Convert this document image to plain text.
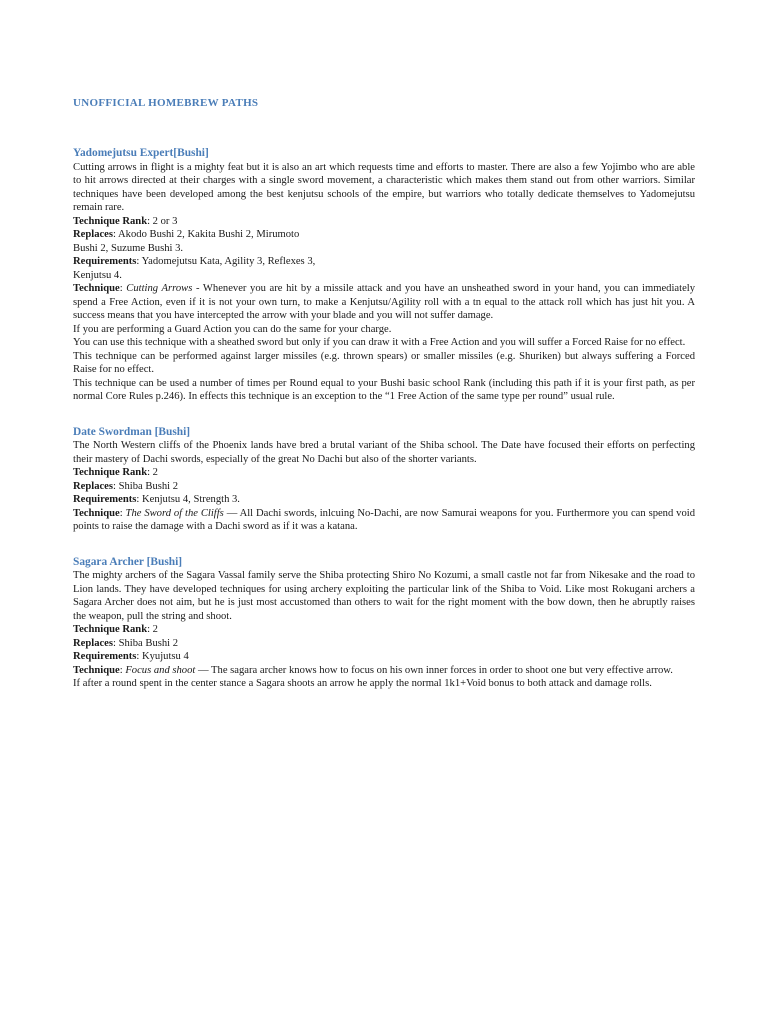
UNOFFICIAL HOMEBREW PATHS
Yadomejutsu Expert[Bushi]

Cutting arrows in flight is a mighty feat but it is also an art which requests time and efforts to master. There are also a few Yojimbo who are able to hit arrows directed at their charges with a single sword movement, a characteristic which makes them stand out from other warriors. Similar techniques have been developed among the best kenjutsu schools of the empire, but warriors who totally dedicate themselves to Yadomejutsu remain rare.

Technique Rank: 2 or 3

Replaces: Akodo Bushi 2, Kakita Bushi 2, Mirumoto

Bushi 2, Suzume Bushi 3.

Requirements: Yadomejutsu Kata, Agility 3, Reflexes 3,

Kenjutsu 4.

Technique: Cutting Arrows - Whenever you are hit by a missile attack and you have an unsheathed sword in your hand, you can immediately spend a Free Action, even if it is not your own turn, to make a Kenjutsu/Agility roll with a tn equal to the attack roll which has just hit you. A success means that you have intercepted the arrow with your blade and you will not suffer damage.

If you are performing a Guard Action you can do the same for your charge.

You can use this technique with a sheathed sword but only if you can draw it with a Free Action and you will suffer a Forced Raise for no effect.

This technique can be performed against larger missiles (e.g. thrown spears) or smaller missiles (e.g. Shuriken) but always suffering a Forced Raise for no effect.

This technique can be used a number of times per Round equal to your Bushi basic school Rank (including this path if it is your first path, as per normal Core Rules p.246). In effects this technique is an exception to the “1 Free Action of the same type per round” usual rule.

Date Swordman [Bushi]

The North Western cliffs of the Phoenix lands have bred a brutal variant of the Shiba school. The Date have focused their efforts on perfecting their mastery of Dachi swords, especially of the great No Dachi but also of the shorter variants.

Technique Rank: 2

Replaces: Shiba Bushi 2

Requirements: Kenjutsu 4, Strength 3.

Technique: The Sword of the Cliffs — All Dachi swords, inlcuing No-Dachi, are now Samurai weapons for you. Furthermore you can spend void points to raise the damage with a Dachi sword as if it was a katana.

Sagara Archer [Bushi]

The mighty archers of the Sagara Vassal family serve the Shiba protecting Shiro No Kozumi, a small castle not far from Nikesake and the road to Lion lands. They have developed techniques for using archery exploiting the particular link of the Shiba to Void. Like most Rokugani archers a Sagara Archer does not aim, but he is just most accustomed than others to wait for the right moment with the bow down, then he abruptly raises the weapon, pull the string and shoot.

Technique Rank: 2

Replaces: Shiba Bushi 2

Requirements: Kyujutsu 4

Technique: Focus and shoot — The sagara archer knows how to focus on his own inner forces in order to shoot one but very effective arrow.

If after a round spent in the center stance a Sagara shoots an arrow he apply the normal 1k1+Void bonus to both attack and damage rolls.
